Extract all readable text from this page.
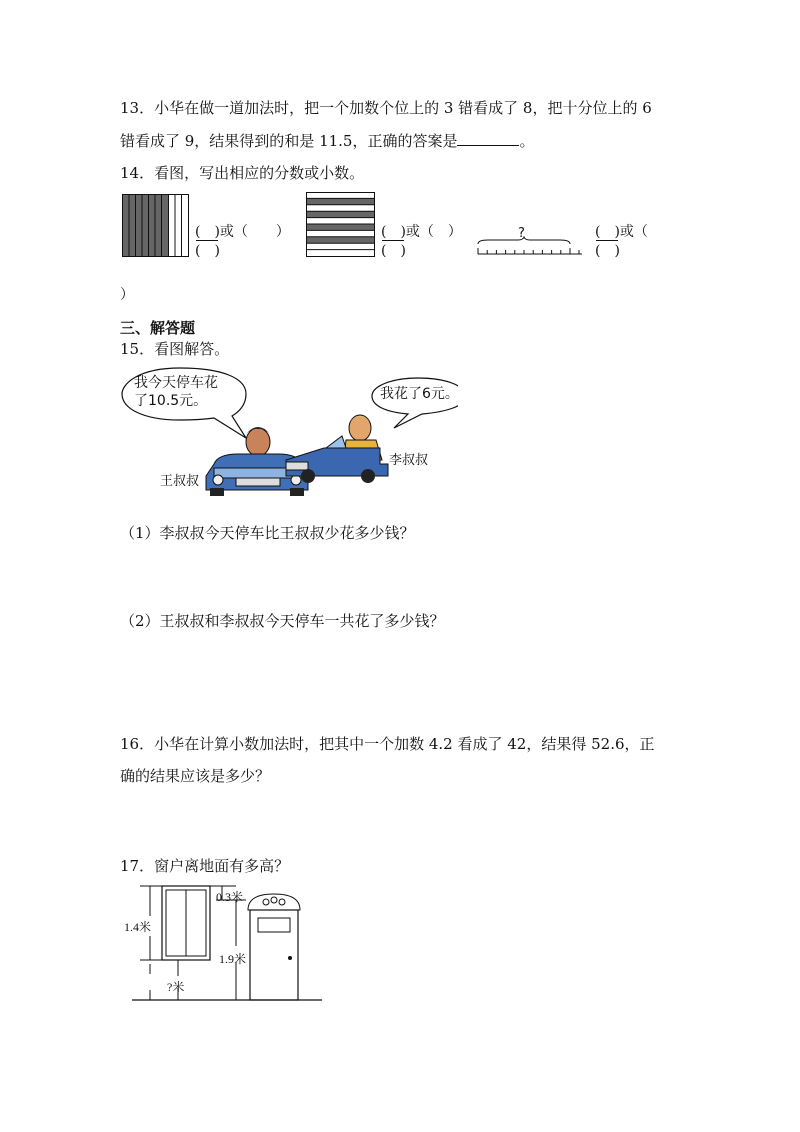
13．小华在做一道加法时，把一个加数个位上的 3 错看成了 8，把十分位上的 6
错看成了 9，结果得到的和是 11.5，正确的答案是	。
14．看图，写出相应的分数或小数。
(　)或（　　）
(　)
(　)或（　）
(　)
?	(　)或（
(　)
）
三、解答题
15．看图解答。
我今天停车花
了10.5元。	我花了6元。
王叔叔
李叔叔
（1）李叔叔今天停车比王叔叔少花多少钱？
（2）王叔叔和李叔叔今天停车一共花了多少钱？
16．小华在计算小数加法时，把其中一个加数 4.2 看成了 42，结果得 52.6，正
确的结果应该是多少？
17．窗户离地面有多高？
0.3米
1.4米
1.9米
?米
